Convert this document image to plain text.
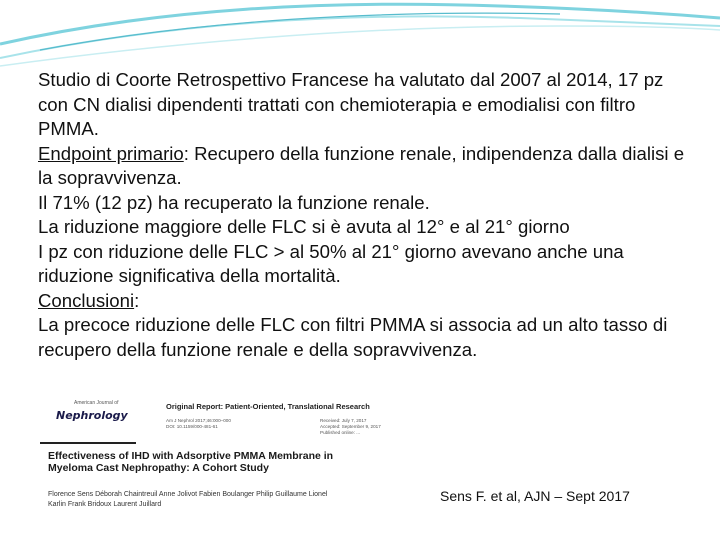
Studio di Coorte Retrospettivo Francese ha valutato dal 2007 al 2014, 17 pz con CN dialisi dipendenti trattati con chemioterapia e emodialisi con filtro PMMA.

Endpoint primario: Recupero della funzione renale, indipendenza dalla dialisi e la sopravvivenza.

Il 71% (12 pz) ha recuperato la funzione renale.

La riduzione maggiore delle FLC si è avuta al 12° e al 21° giorno

I pz con riduzione delle FLC > al 50% al 21° giorno avevano anche una riduzione significativa della mortalità.

Conclusioni:

La precoce riduzione delle FLC con filtri PMMA si associa ad un alto tasso di recupero della funzione renale e della sopravvivenza.

American Journal of
Nephrology
Original Report: Patient-Oriented, Translational Research
Am J Nephrol 2017;46:000–000
DOI: 10.1159/000-481-61
Received: July 7, 2017
Accepted: September 9, 2017
Published online: ...
Effectiveness of IHD with Adsorptive PMMA Membrane in Myeloma Cast Nephropathy: A Cohort Study
Florence Sens Déborah Chaintreuil Anne Jolivot Fabien Boulanger Philip Guillaume Lionel Karlin Frank Bridoux Laurent Juillard	Sens F. et al, AJN – Sept 2017
